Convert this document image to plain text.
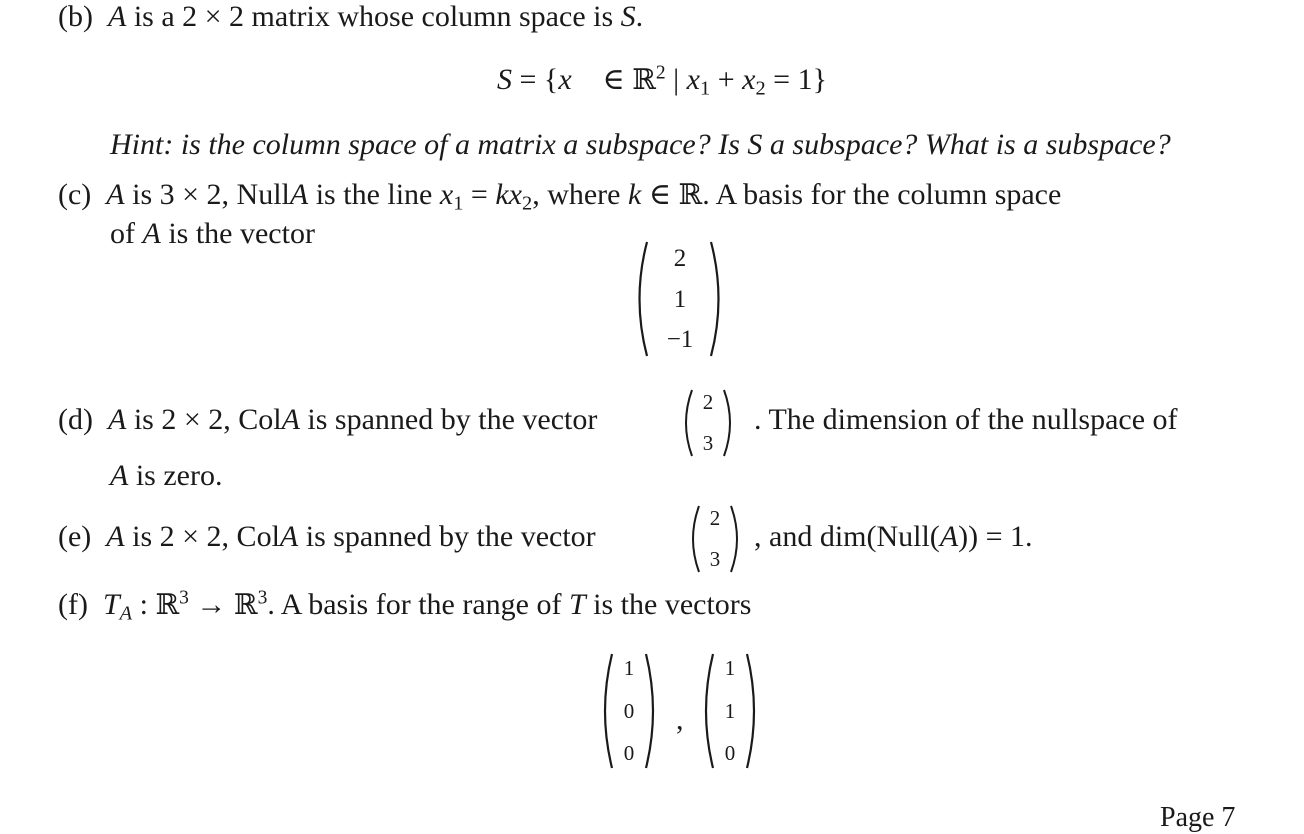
(b) A is a 2 × 2 matrix whose column space is S.
S = {x⃗ ∈ ℝ$^2$ | $x_1 + x_2 = 1$}
Hint: is the column space of a matrix a subspace? Is S a subspace? What is a subspace?
(c) A is 3 × 2, NullA is the line $x_1 = kx_2$, where k ∈ ℝ. A basis for the column space
of A is the vector
2
1
−1
(d) A is 2 × 2, ColA is spanned by the vector
2
3
. The dimension of the nullspace of
A is zero.
(e) A is 2 × 2, ColA is spanned by the vector
2
3
, and dim(Null(A)) = 1.
(f) TA : ℝ$^3$ → ℝ$^3$. A basis for the range of T is the vectors
1
0
0
,
1
1
0
Page 7
